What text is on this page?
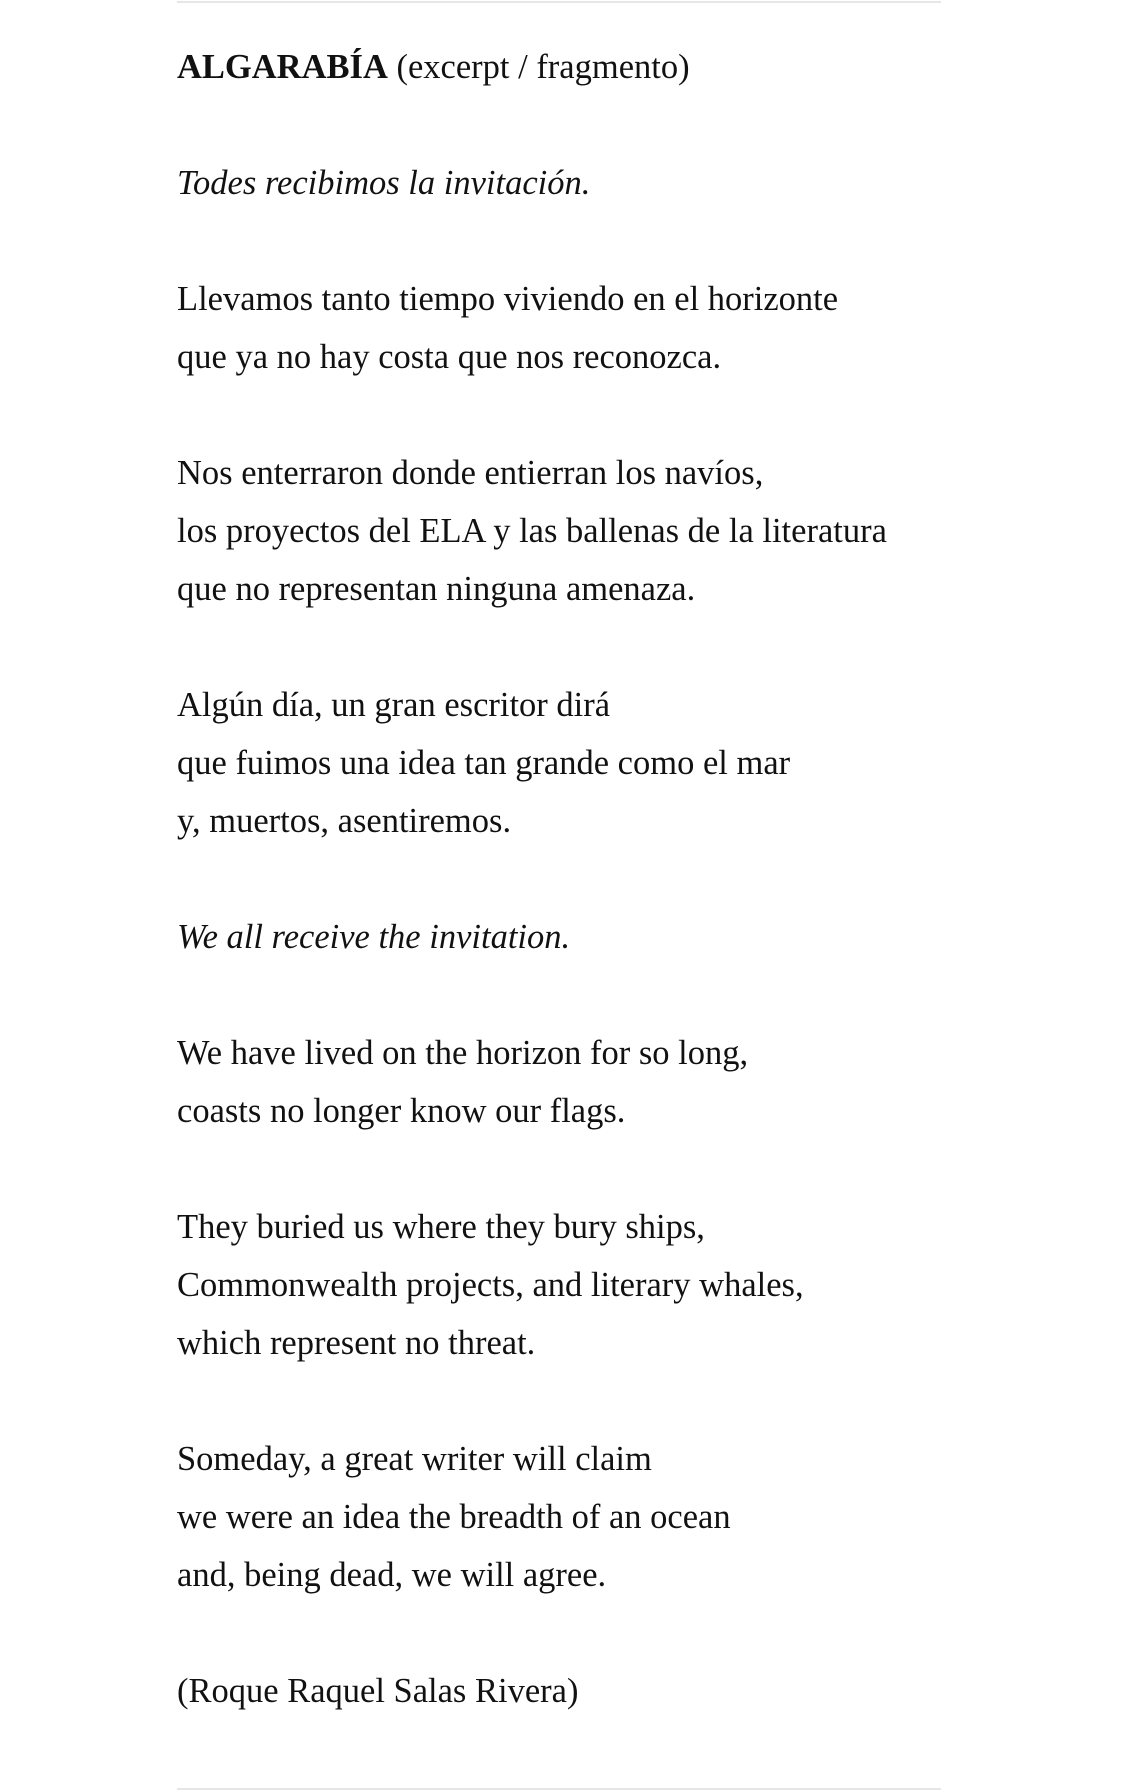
ALGARABÍA (excerpt / fragmento)
Todes recibimos la invitación.
Llevamos tanto tiempo viviendo en el horizonte
que ya no hay costa que nos reconozca.
Nos enterraron donde entierran los navíos,
los proyectos del ELA y las ballenas de la literatura
que no representan ninguna amenaza.
Algún día, un gran escritor dirá
que fuimos una idea tan grande como el mar
y, muertos, asentiremos.
We all receive the invitation.
We have lived on the horizon for so long,
coasts no longer know our flags.
They buried us where they bury ships,
Commonwealth projects, and literary whales,
which represent no threat.
Someday, a great writer will claim
we were an idea the breadth of an ocean
and, being dead, we will agree.
(Roque Raquel Salas Rivera)
